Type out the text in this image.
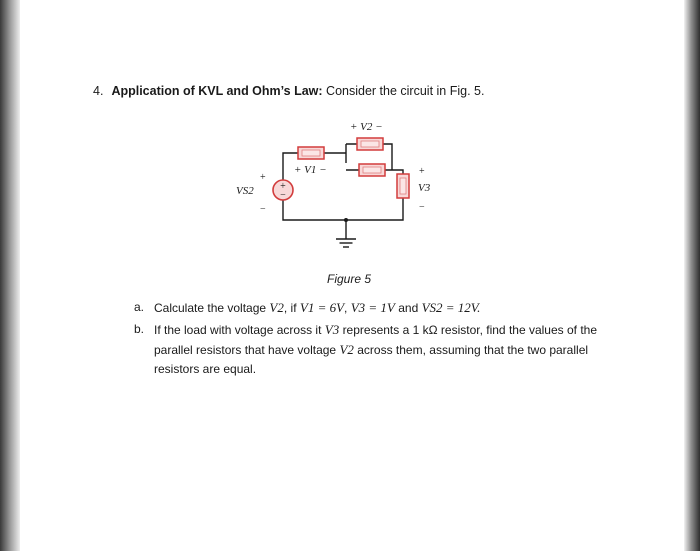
4. Application of KVL and Ohm’s Law: Consider the circuit in Fig. 5.
+
−
+ V2 −
+ V1 −
V3
+
−
VS2
+
−
Figure 5
a. Calculate the voltage V2, if V1 = 6V, V3 = 1V and VS2 = 12V.
b. If the load with voltage across it V3 represents a 1 kΩ resistor, find the values of the parallel resistors that have voltage V2 across them, assuming that the two parallel resistors are equal.
